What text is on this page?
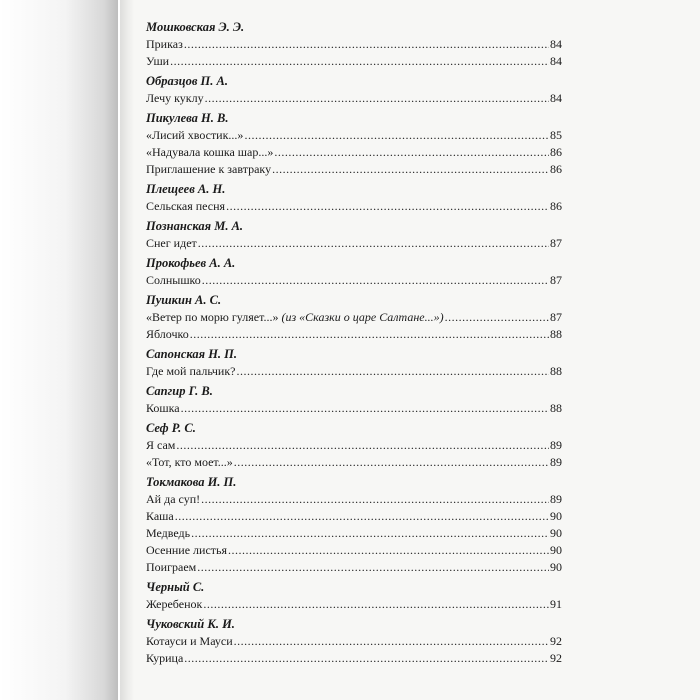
Мошковская Э. Э.
Приказ .....	84
Уши .....	84
Образцов П. А.
Лечу куклу .....	84
Пикулева Н. В.
«Лисий хвостик...» .....	85
«Надувала кошка шар...» .....	86
Приглашение к завтраку .....	86
Плещеев А. Н.
Сельская песня .....	86
Познанская М. А.
Снег идет .....	87
Прокофьев А. А.
Солнышко .....	87
Пушкин А. С.
«Ветер по морю гуляет...» (из «Сказки о царе Салтане...») .....	87
Яблочко .....	88
Сапонская Н. П.
Где мой пальчик? .....	88
Сапгир Г. В.
Кошка .....	88
Сеф Р. С.
Я сам .....	89
«Тот, кто моет...» .....	89
Токмакова И. П.
Ай да суп! .....	89
Каша .....	90
Медведь .....	90
Осенние листья .....	90
Поиграем .....	90
Черный С.
Жеребенок .....	91
Чуковский К. И.
Котауси и Мауси .....	92
Курица .....	92
